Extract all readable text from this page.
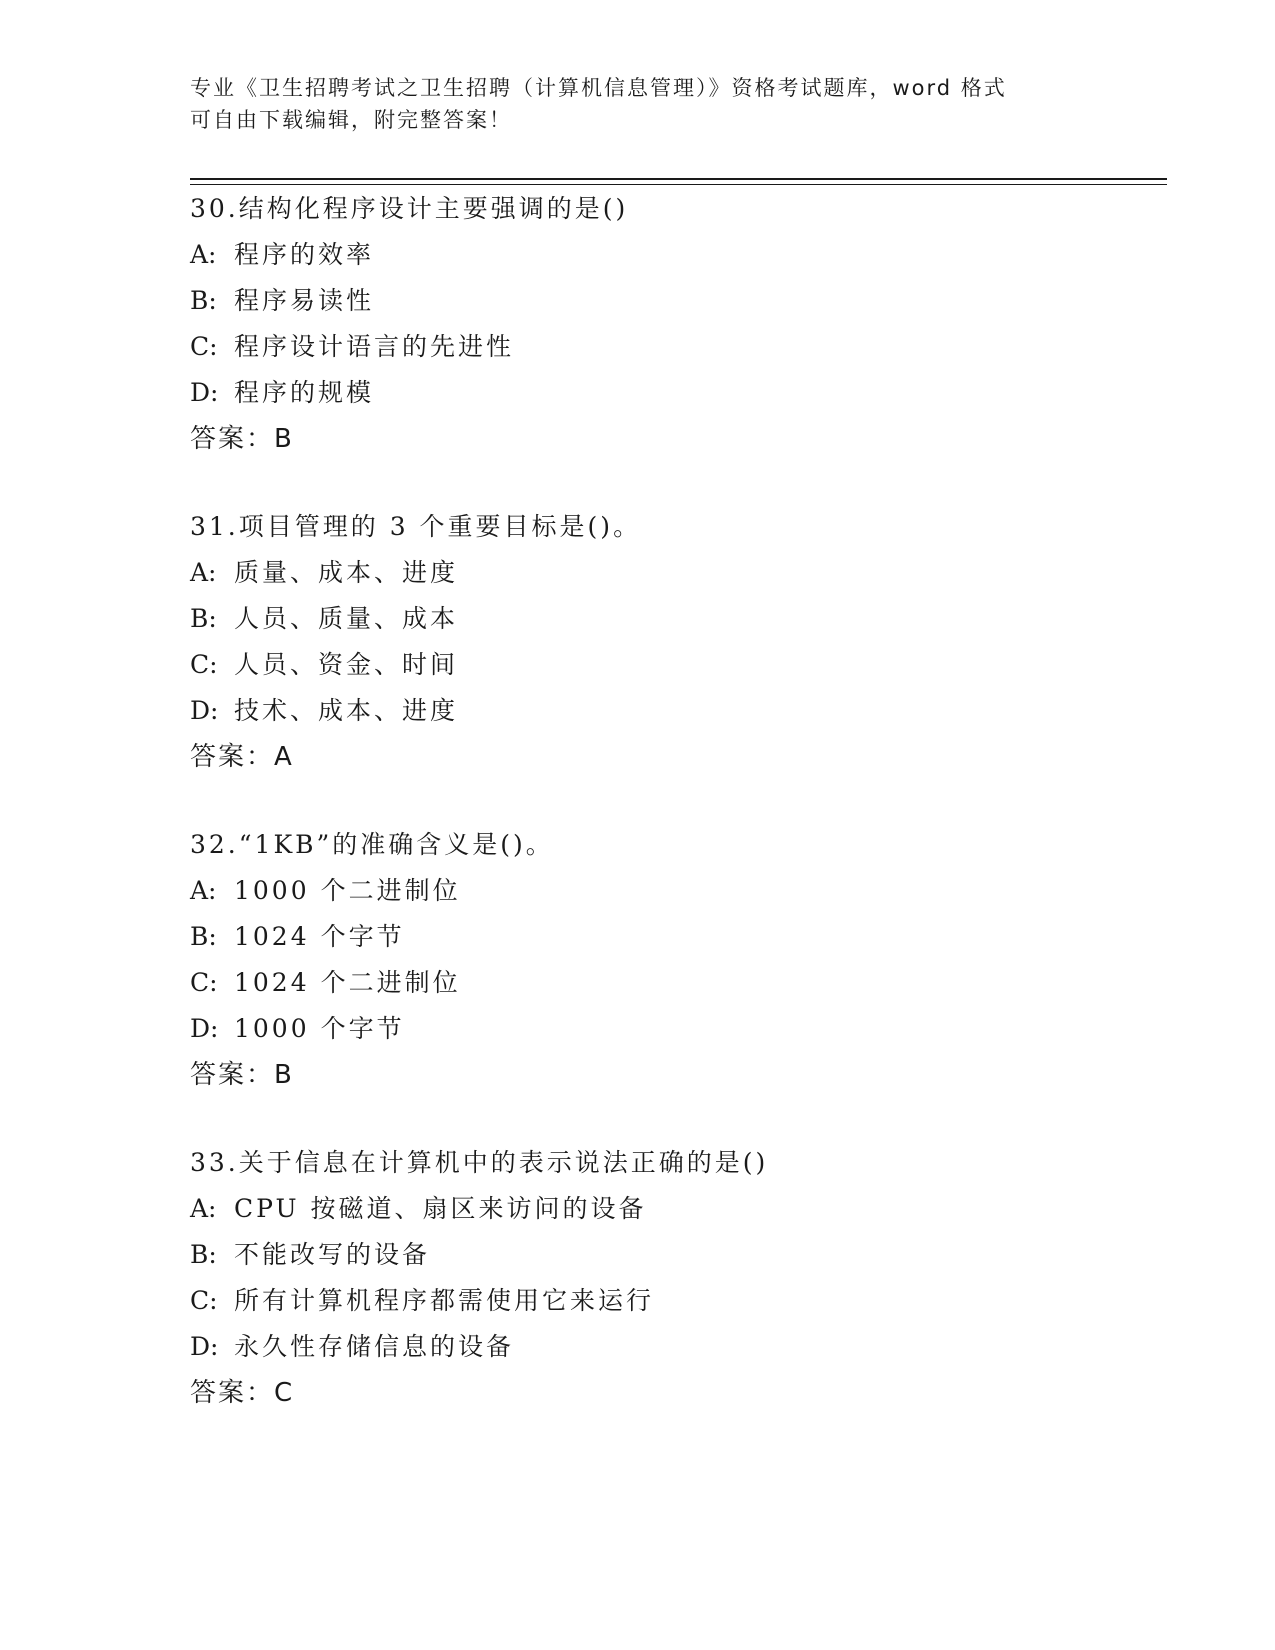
专业《卫生招聘考试之卫生招聘（计算机信息管理）》资格考试题库，word 格式
可自由下载编辑，附完整答案！
30.结构化程序设计主要强调的是()
A: 程序的效率
B: 程序易读性
C: 程序设计语言的先进性
D: 程序的规模
答案：B
31.项目管理的 3 个重要目标是()。
A: 质量、成本、进度
B: 人员、质量、成本
C: 人员、资金、时间
D: 技术、成本、进度
答案：A
32.“1KB”的准确含义是()。
A: 1000 个二进制位
B: 1024 个字节
C: 1024 个二进制位
D: 1000 个字节
答案：B
33.关于信息在计算机中的表示说法正确的是()
A: CPU 按磁道、扇区来访问的设备
B: 不能改写的设备
C: 所有计算机程序都需使用它来运行
D: 永久性存储信息的设备
答案：C
